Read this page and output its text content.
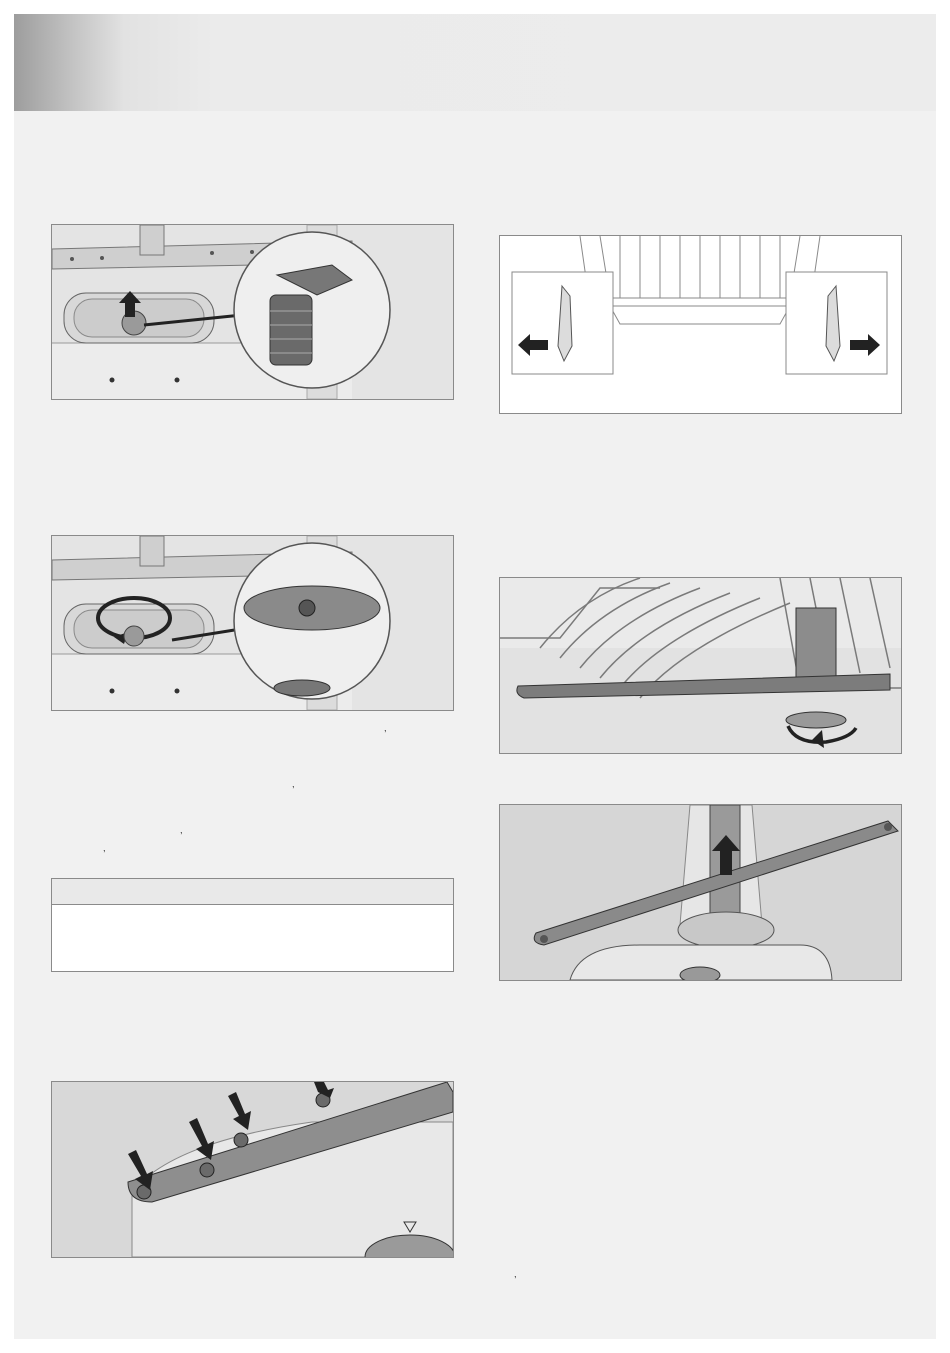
,
,
,
,
,
